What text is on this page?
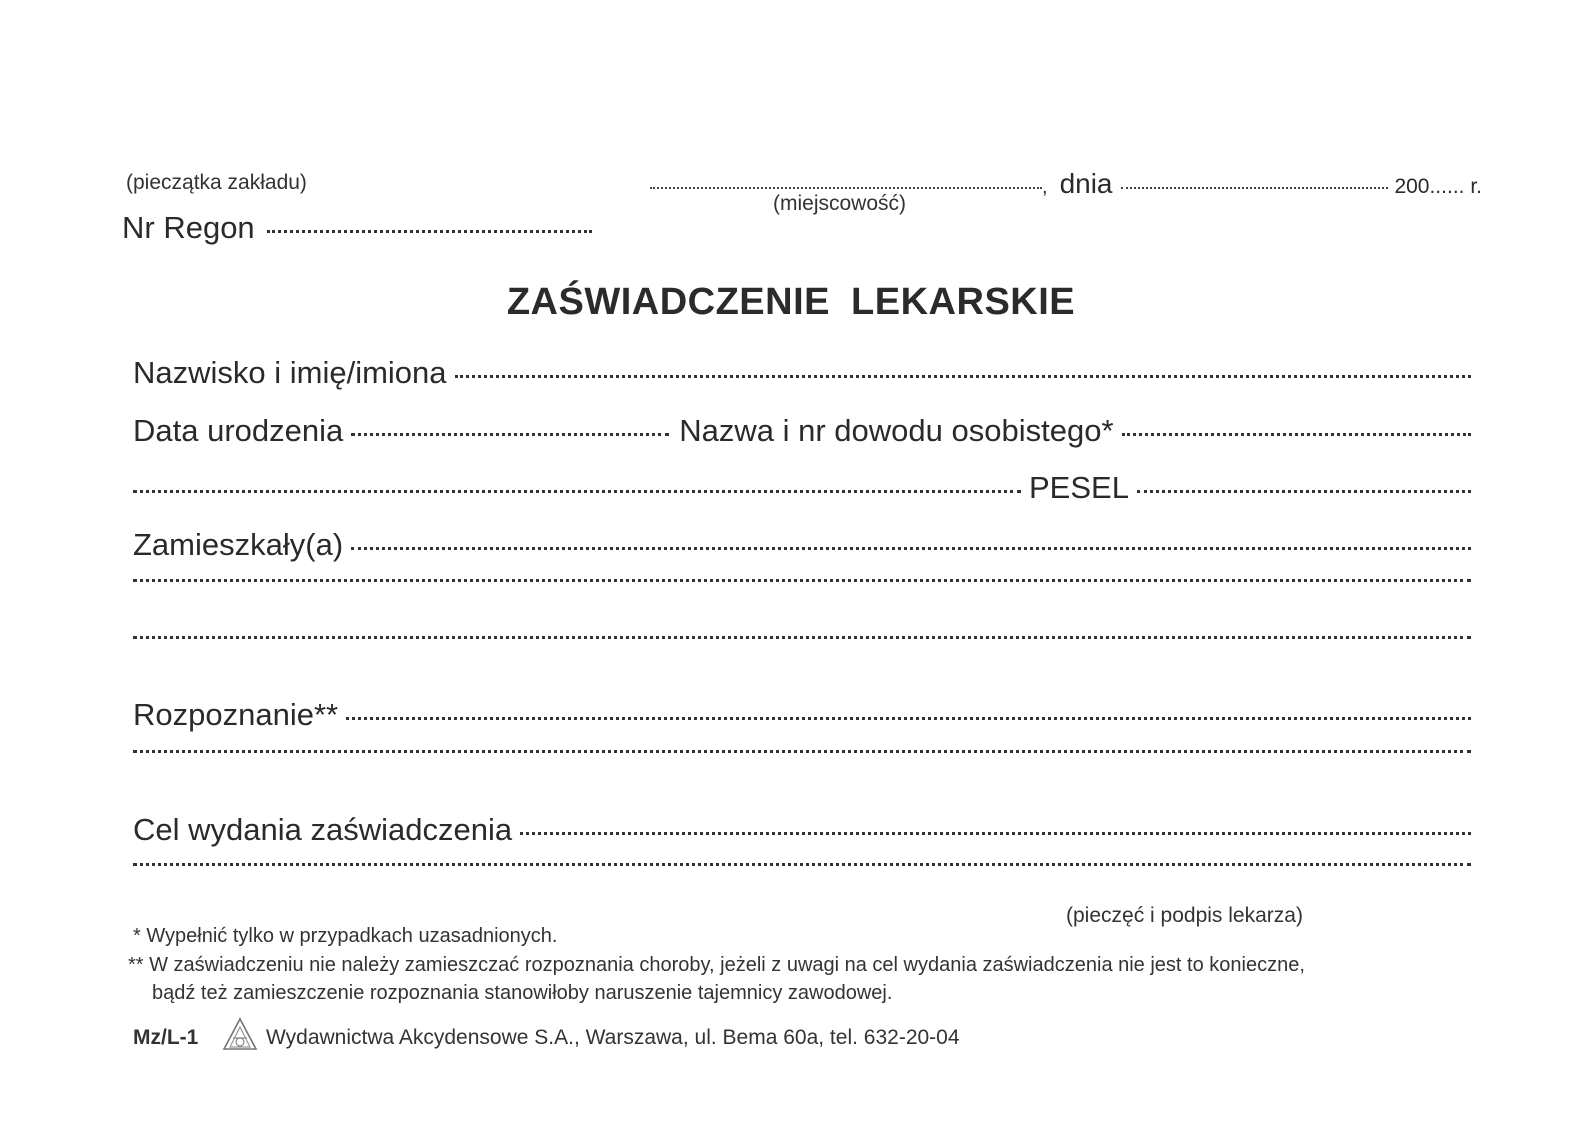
(pieczątka zakładu)	, dnia	200...... r.
(miejscowość)
Nr Regon
ZAŚWIADCZENIE LEKARSKIE
Nazwisko i imię/imiona
Data urodzenia	Nazwa i nr dowodu osobistego*
PESEL
Zamieszkały(a)
Rozpoznanie**
Cel wydania zaświadczenia
(pieczęć i podpis lekarza)
* Wypełnić tylko w przypadkach uzasadnionych.
** W zaświadczeniu nie należy zamieszczać rozpoznania choroby, jeżeli z uwagi na cel wydania zaświadczenia nie jest to konieczne,
bądź też zamieszczenie rozpoznania stanowiłoby naruszenie tajemnicy zawodowej.
Mz/L-1	Wydawnictwa Akcydensowe S.A., Warszawa, ul. Bema 60a, tel. 632-20-04
